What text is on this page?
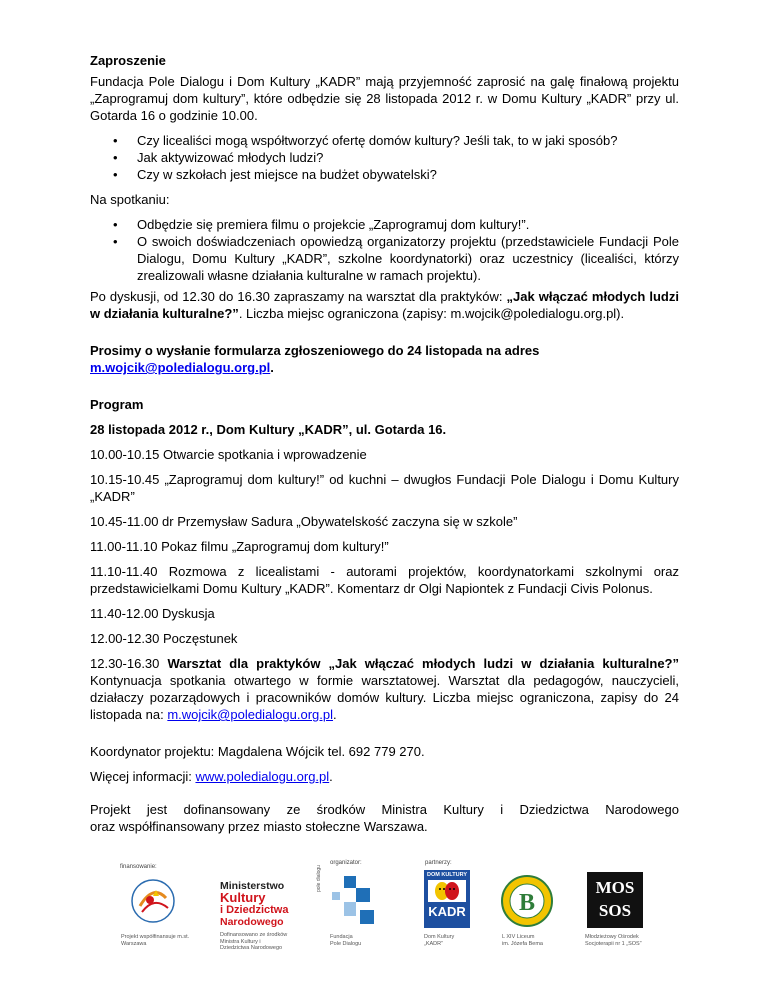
Zaproszenie

Fundacja Pole Dialogu i Dom Kultury „KADR” mają przyjemność zaprosić na galę finałową projektu „Zaprogramuj dom kultury”, które odbędzie się 28 listopada 2012 r. w Domu Kultury „KADR” przy ul. Gotarda 16 o godzinie 10.00.

• Czy licealiści mogą współtworzyć ofertę domów kultury? Jeśli tak, to w jaki sposób?
• Jak aktywizować młodych ludzi?
• Czy w szkołach jest miejsce na budżet obywatelski?

Na spotkaniu:

• Odbędzie się premiera filmu o projekcie „Zaprogramuj dom kultury!”.
• O swoich doświadczeniach opowiedzą organizatorzy projektu (przedstawiciele Fundacji Pole Dialogu, Domu Kultury „KADR”, szkolne koordynatorki) oraz uczestnicy (licealiści, którzy zrealizowali własne działania kulturalne w ramach projektu).

Po dyskusji, od 12.30 do 16.30 zapraszamy na warsztat dla praktyków: „Jak włączać młodych ludzi w działania kulturalne?”. Liczba miejsc ograniczona (zapisy: m.wojcik@poledialogu.org.pl).

Prosimy o wysłanie formularza zgłoszeniowego do 24 listopada na adres
m.wojcik@poledialogu.org.pl.

Program

28 listopada 2012 r., Dom Kultury „KADR”, ul. Gotarda 16.

10.00-10.15 Otwarcie spotkania i wprowadzenie

10.15-10.45 „Zaprogramuj dom kultury!” od kuchni – dwugłos Fundacji Pole Dialogu i Domu Kultury „KADR”

10.45-11.00 dr Przemysław Sadura „Obywatelskość zaczyna się w szkole”

11.00-11.10 Pokaz filmu „Zaprogramuj dom kultury!”

11.10-11.40 Rozmowa z licealistami - autorami projektów, koordynatorkami szkolnymi oraz przedstawicielkami Domu Kultury „KADR”. Komentarz dr Olgi Napiontek z Fundacji Civis Polonus.

11.40-12.00 Dyskusja

12.00-12.30 Poczęstunek

12.30-16.30 Warsztat dla praktyków „Jak włączać młodych ludzi w działania kulturalne?” Kontynuacja spotkania otwartego w formie warsztatowej. Warsztat dla pedagogów, nauczycieli, działaczy pozarządowych i pracowników domów kultury. Liczba miejsc ograniczona, zapisy do 24 listopada na: m.wojcik@poledialogu.org.pl.

Koordynator projektu: Magdalena Wójcik tel. 692 779 270.

Więcej informacji: www.poledialogu.org.pl.

Projekt jest dofinansowany ze środków Ministra Kultury i Dziedzictwa Narodowego

oraz współfinansowany przez miasto stołeczne Warszawa.

finansowanie:
organizator:	partnerzy:
Projekt współfinansuje m.st. Warszawa
Ministerstwo
Kultury
i Dziedzictwa
Narodowego
Dofinansowano ze środków
Ministra Kultury i
Dziedzictwa Narodowego
pole dialogu
Fundacja
Pole Dialogu
DOM KULTURY
KADR
Dom Kultury
„KADR”
B
L XIV Liceum
im. Józefa Bema
MOS
SOS
Młodzieżowy Ośrodek
Socjoterapii nr 1 „SOS”
